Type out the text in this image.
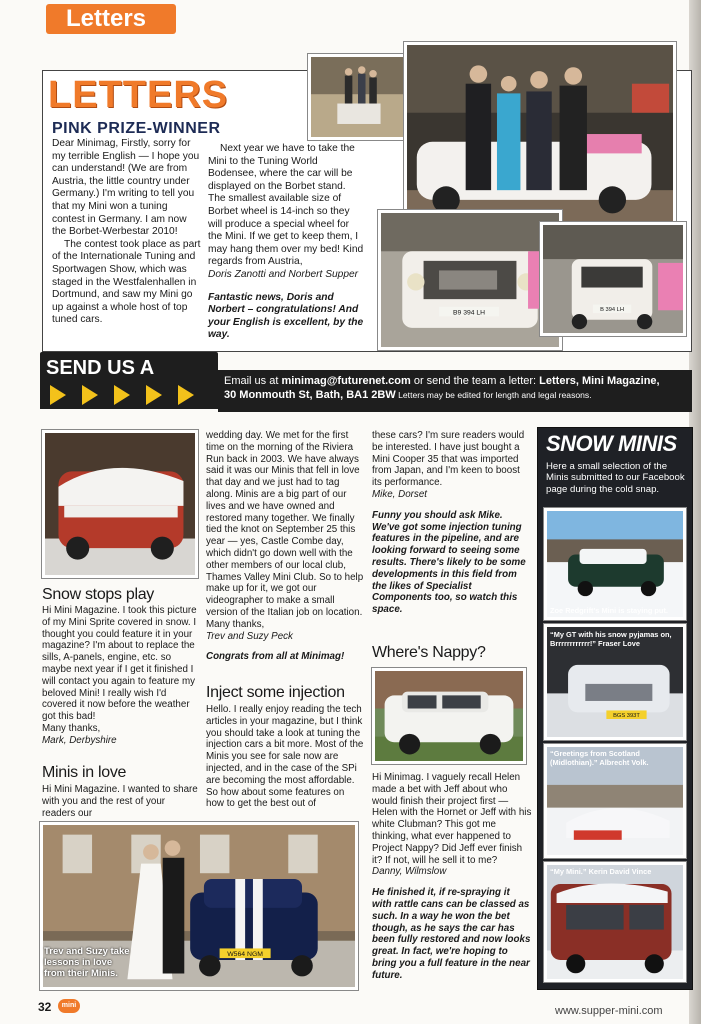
Letters
LETTERS
PINK PRIZE-WINNER

Dear Minimag, Firstly, sorry for my terrible English — I hope you can understand! (We are from Austria, the little country under Germany.) I'm writing to tell you that my Mini won a tuning contest in Germany. I am now the Borbet-Werbestar 2010!

The contest took place as part of the Internationale Tuning and Sportwagen Show, which was staged in the Westfalenhallen in Dortmund, and saw my Mini go up against a whole host of top tuned cars.

Next year we have to take the Mini to the Tuning World Bodensee, where the car will be displayed on the Borbet stand. The smallest available size of Borbet wheel is 14-inch so they will produce a special wheel for the Mini. If we get to keep them, I may hang them over my bed! Kind regards from Austria,

Doris Zanotti and Norbert Supper

Fantastic news, Doris and Norbert – congratulations! And your English is excellent, by the way.

B9 394 LH	B 394 LH
SEND US A
Email us at minimag@futurenet.com or send the team a letter: Letters, Mini Magazine,
30 Monmouth St, Bath, BA1 2BW Letters may be edited for length and legal reasons.
Snow stops play

Hi Mini Magazine. I took this picture of my Mini Sprite covered in snow. I thought you could feature it in your magazine? I'm about to replace the sills, A-panels, engine, etc. so maybe next year if I get it finished I will contact you again to feature my beloved Mini! I really wish I'd covered it now before the weather got this bad!

Many thanks,

Mark, Derbyshire

Minis in love
Hi Mini Magazine. I wanted to share with you and the rest of your readers our
W564 NGM
Trev and Suzy take lessons in love from their Minis.

wedding day. We met for the first time on the morning of the Riviera Run back in 2003. We have always said it was our Minis that fell in love that day and we just had to tag along. Minis are a big part of our lives and we have owned and restored many together. We finally tied the knot on September 25 this year — yes, Castle Combe day, which didn't go down well with the other members of our local club, Thames Valley Mini Club. So to help make up for it, we got our videographer to make a small version of the Italian job on location.

Many thanks,

Trev and Suzy Peck

Congrats from all at Minimag!

Inject some injection
Hello. I really enjoy reading the tech articles in your magazine, but I think you should take a look at tuning the injection cars a bit more. Most of the Minis you see for sale now are injected, and in the case of the SPi are becoming the most affordable. So how about some features on how to get the best out of

these cars? I'm sure readers would be interested. I have just bought a Mini Cooper 35 that was imported from Japan, and I'm keen to boost its performance.

Mike, Dorset

Funny you should ask Mike. We've got some injection tuning features in the pipeline, and are looking forward to seeing some results. There's likely to be some developments in this field from the likes of Specialist Components too, so watch this space.

Where's Nappy?

Hi Minimag. I vaguely recall Helen made a bet with Jeff about who would finish their project first — Helen with the Hornet or Jeff with his white Clubman? This got me thinking, what ever happened to Project Nappy? Did Jeff ever finish it? If not, will he sell it to me?

Danny, Wilmslow

He finished it, if re-spraying it with rattle cans can be classed as such. In a way he won the bet though, as he says the car has been fully restored and now looks great. In fact, we're hoping to bring you a full feature in the near future.

SNOW MINIS
Here a small selection of the Minis submitted to our Facebook page during the cold snap.
Zoe Redgrift's Mini is staying put.
BGS 393T
“My GT with his snow pyjamas on, Brrrrrrrrrrrr!” Fraser Love
“Greetings from Scotland (Midlothian).” Albrecht Volk.
“My Mini.” Kerin David Vince
32	mini	www.supper-mini.com
